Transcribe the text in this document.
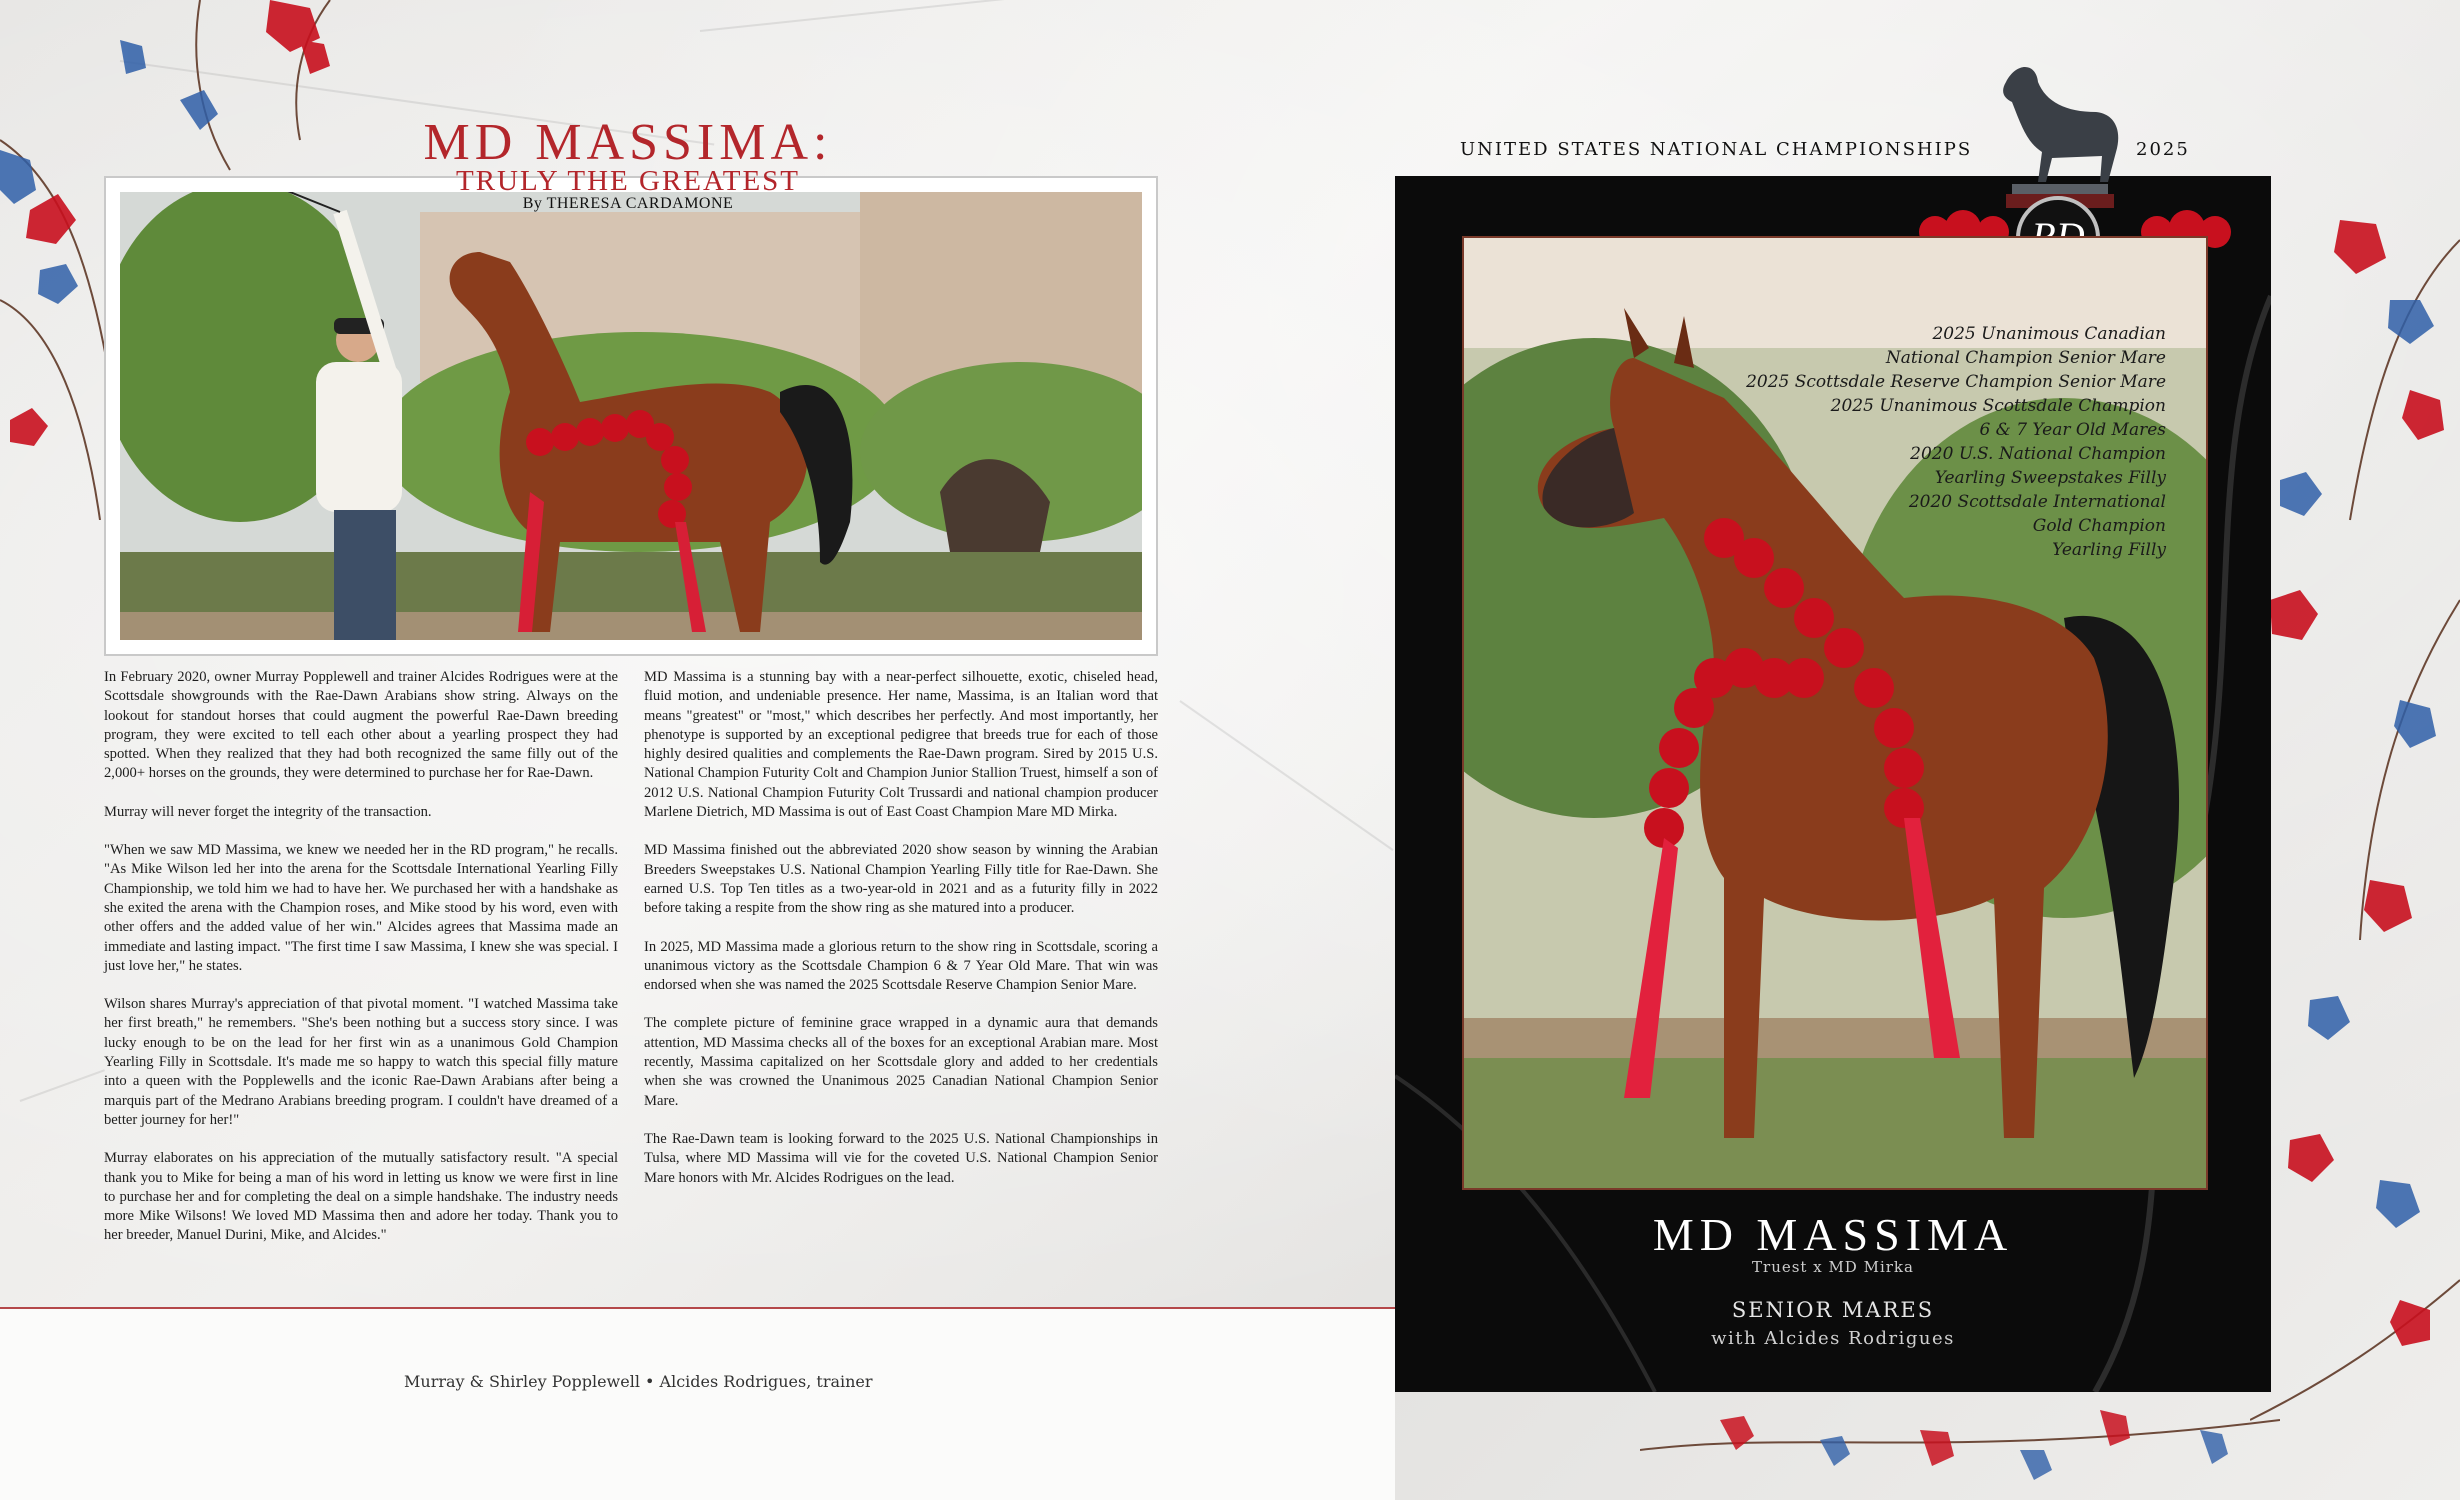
MD MASSIMA:
TRULY THE GREATEST
By THERESA CARDAMONE

In February 2020, owner Murray Popplewell and trainer Alcides Rodrigues were at the Scottsdale showgrounds with the Rae-Dawn Arabians show string. Always on the lookout for standout horses that could augment the powerful Rae-Dawn breeding program, they were excited to tell each other about a yearling prospect they had spotted. When they realized that they had both recognized the same filly out of the 2,000+ horses on the grounds, they were determined to purchase her for Rae-Dawn.

Murray will never forget the integrity of the transaction.

"When we saw MD Massima, we knew we needed her in the RD program," he recalls. "As Mike Wilson led her into the arena for the Scottsdale International Yearling Filly Championship, we told him we had to have her. We purchased her with a handshake as she exited the arena with the Champion roses, and Mike stood by his word, even with other offers and the added value of her win." Alcides agrees that Massima made an immediate and lasting impact. "The first time I saw Massima, I knew she was special. I just love her," he states.

Wilson shares Murray's appreciation of that pivotal moment. "I watched Massima take her first breath," he remembers. "She's been nothing but a success story since. I was lucky enough to be on the lead for her first win as a unanimous Gold Champion Yearling Filly in Scottsdale. It's made me so happy to watch this special filly mature into a queen with the Popplewells and the iconic Rae-Dawn Arabians after being a marquis part of the Medrano Arabians breeding program. I couldn't have dreamed of a better journey for her!"

Murray elaborates on his appreciation of the mutually satisfactory result. "A special thank you to Mike for being a man of his word in letting us know we were first in line to purchase her and for completing the deal on a simple handshake. The industry needs more Mike Wilsons! We loved MD Massima then and adore her today. Thank you to her breeder, Manuel Durini, Mike, and Alcides."

MD Massima is a stunning bay with a near-perfect silhouette, exotic, chiseled head, fluid motion, and undeniable presence. Her name, Massima, is an Italian word that means "greatest" or "most," which describes her perfectly. And most importantly, her phenotype is supported by an exceptional pedigree that breeds true for each of those highly desired qualities and complements the Rae-Dawn program. Sired by 2015 U.S. National Champion Futurity Colt and Champion Junior Stallion Truest, himself a son of 2012 U.S. National Champion Futurity Colt Trussardi and national champion producer Marlene Dietrich, MD Massima is out of East Coast Champion Mare MD Mirka.

MD Massima finished out the abbreviated 2020 show season by winning the Arabian Breeders Sweepstakes U.S. National Champion Yearling Filly title for Rae-Dawn. She earned U.S. Top Ten titles as a two-year-old in 2021 and as a futurity filly in 2022 before taking a respite from the show ring as she matured into a producer.

In 2025, MD Massima made a glorious return to the show ring in Scottsdale, scoring a unanimous victory as the Scottsdale Champion 6 & 7 Year Old Mare. That win was endorsed when she was named the 2025 Scottsdale Reserve Champion Senior Mare.

The complete picture of feminine grace wrapped in a dynamic aura that demands attention, MD Massima checks all of the boxes for an exceptional Arabian mare. Most recently, Massima capitalized on her Scottsdale glory and added to her credentials when she was crowned the Unanimous 2025 Canadian National Champion Senior Mare.

The Rae-Dawn team is looking forward to the 2025 U.S. National Championships in Tulsa, where MD Massima will vie for the coveted U.S. National Champion Senior Mare honors with Mr. Alcides Rodrigues on the lead.

Murray & Shirley Popplewell • Alcides Rodrigues, trainer
UNITED STATES NATIONAL CHAMPIONSHIPS	2025
2025 Unanimous Canadian
National Champion Senior Mare
2025 Scottsdale Reserve Champion Senior Mare
2025 Unanimous Scottsdale Champion
6 & 7 Year Old Mares
2020 U.S. National Champion
Yearling Sweepstakes Filly
2020 Scottsdale International
Gold Champion
Yearling Filly
MD MASSIMA
Truest x MD Mirka
SENIOR MARES
with Alcides Rodrigues
